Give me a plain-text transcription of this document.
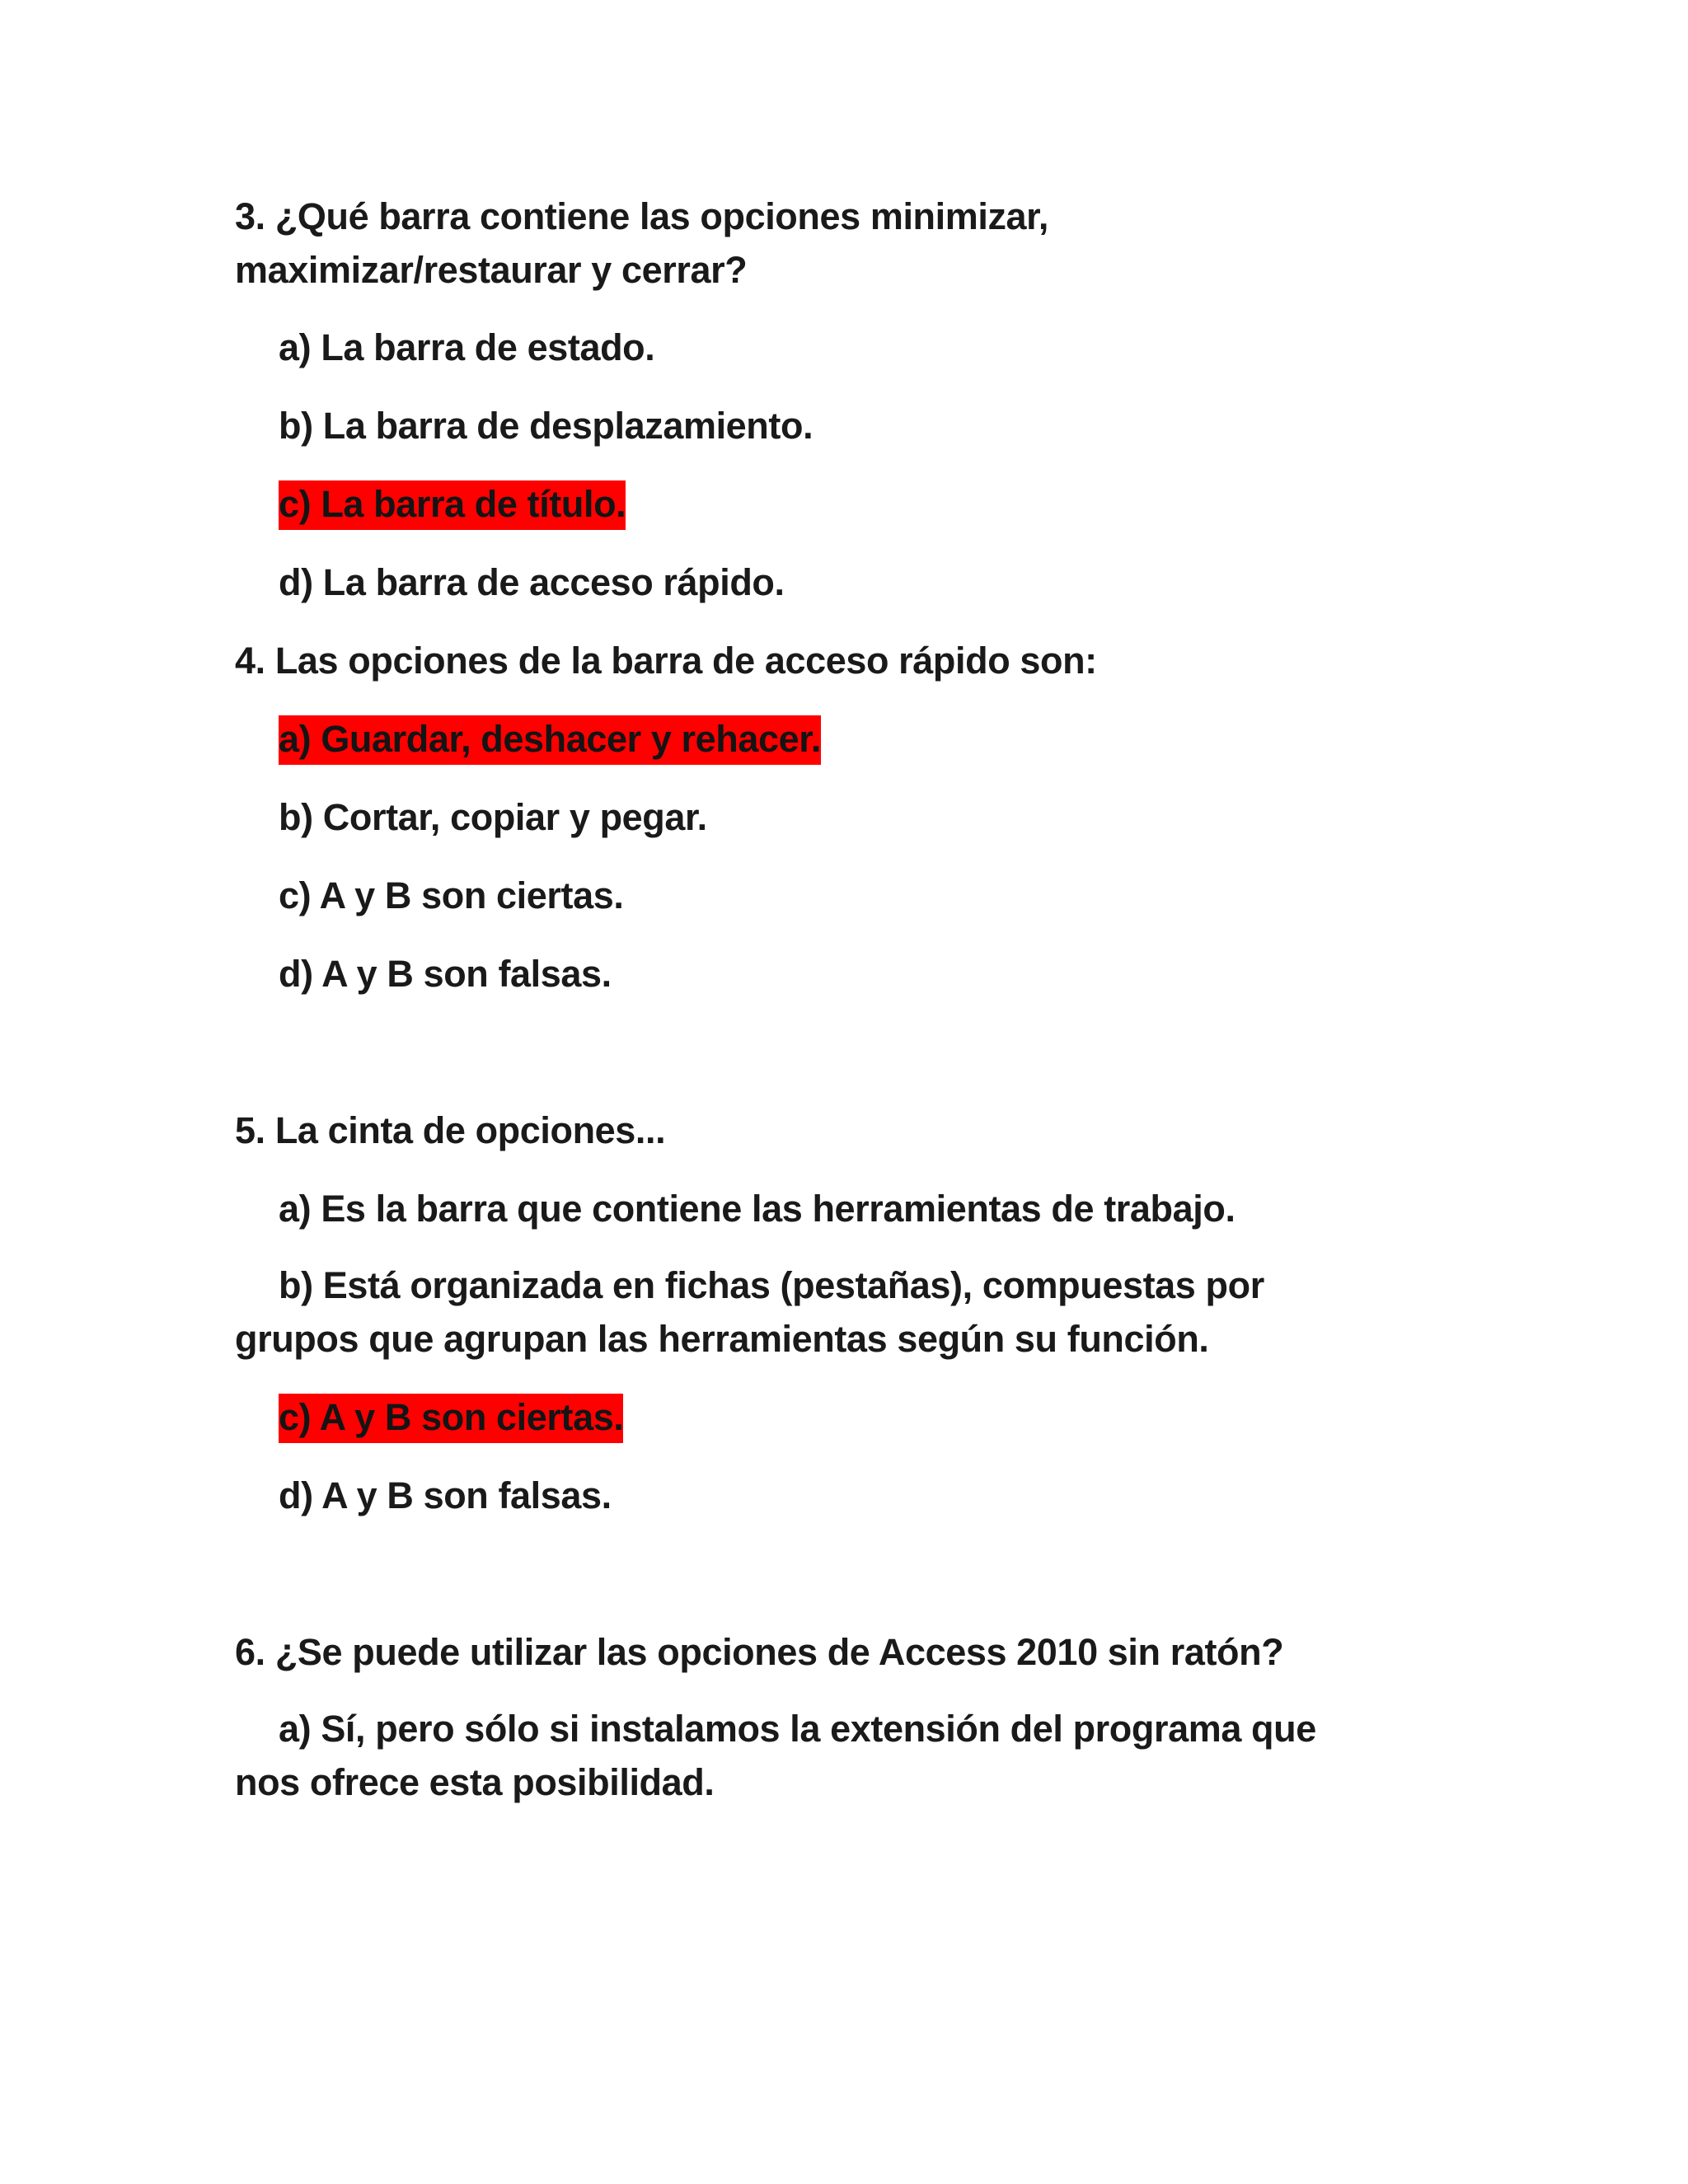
3. ¿Qué barra contiene las opciones minimizar,
maximizar/restaurar y cerrar?
a) La barra de estado.
b) La barra de desplazamiento.
c) La barra de título.
d) La barra de acceso rápido.
4. Las opciones de la barra de acceso rápido son:
a) Guardar, deshacer y rehacer.
b) Cortar, copiar y pegar.
c) A y B son ciertas.
d) A y B son falsas.
5. La cinta de opciones...
a) Es la barra que contiene las herramientas de trabajo.
b) Está organizada en fichas (pestañas), compuestas por
grupos que agrupan las herramientas según su función.
c) A y B son ciertas.
d) A y B son falsas.
6. ¿Se puede utilizar las opciones de Access 2010 sin ratón?
a) Sí, pero sólo si instalamos la extensión del programa que
nos ofrece esta posibilidad.
